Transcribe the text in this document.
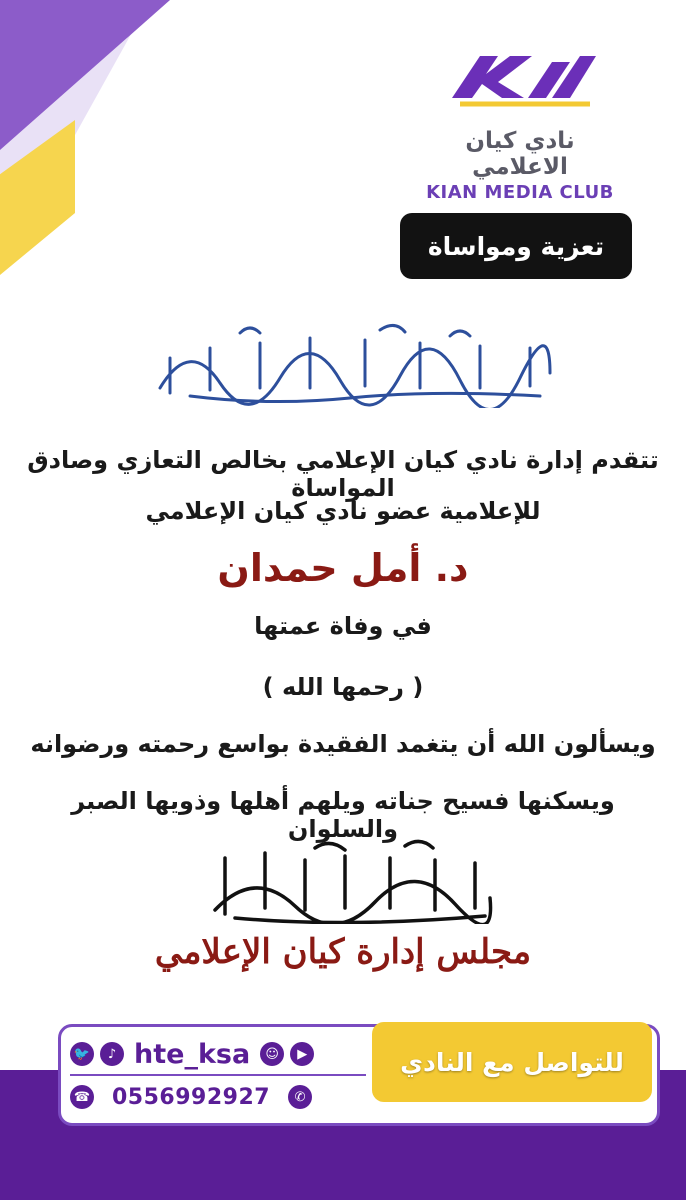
نادي كيان الاعلامي
KIAN MEDIA CLUB
تعزية ومواساة
تتقدم إدارة نادي كيان الإعلامي بخالص التعازي وصادق المواساة
للإعلامية عضو نادي كيان الإعلامي
د. أمل حمدان
في وفاة عمتها
( رحمها الله )
ويسألون الله أن يتغمد الفقيدة بواسع رحمته ورضوانه
ويسكنها فسيح جناته ويلهم أهلها وذويها الصبر والسلوان
مجلس إدارة كيان الإعلامي
🐦	♪ hte_ksa	☺	▶
☎ 0556992927	✆
للتواصل مع النادي
